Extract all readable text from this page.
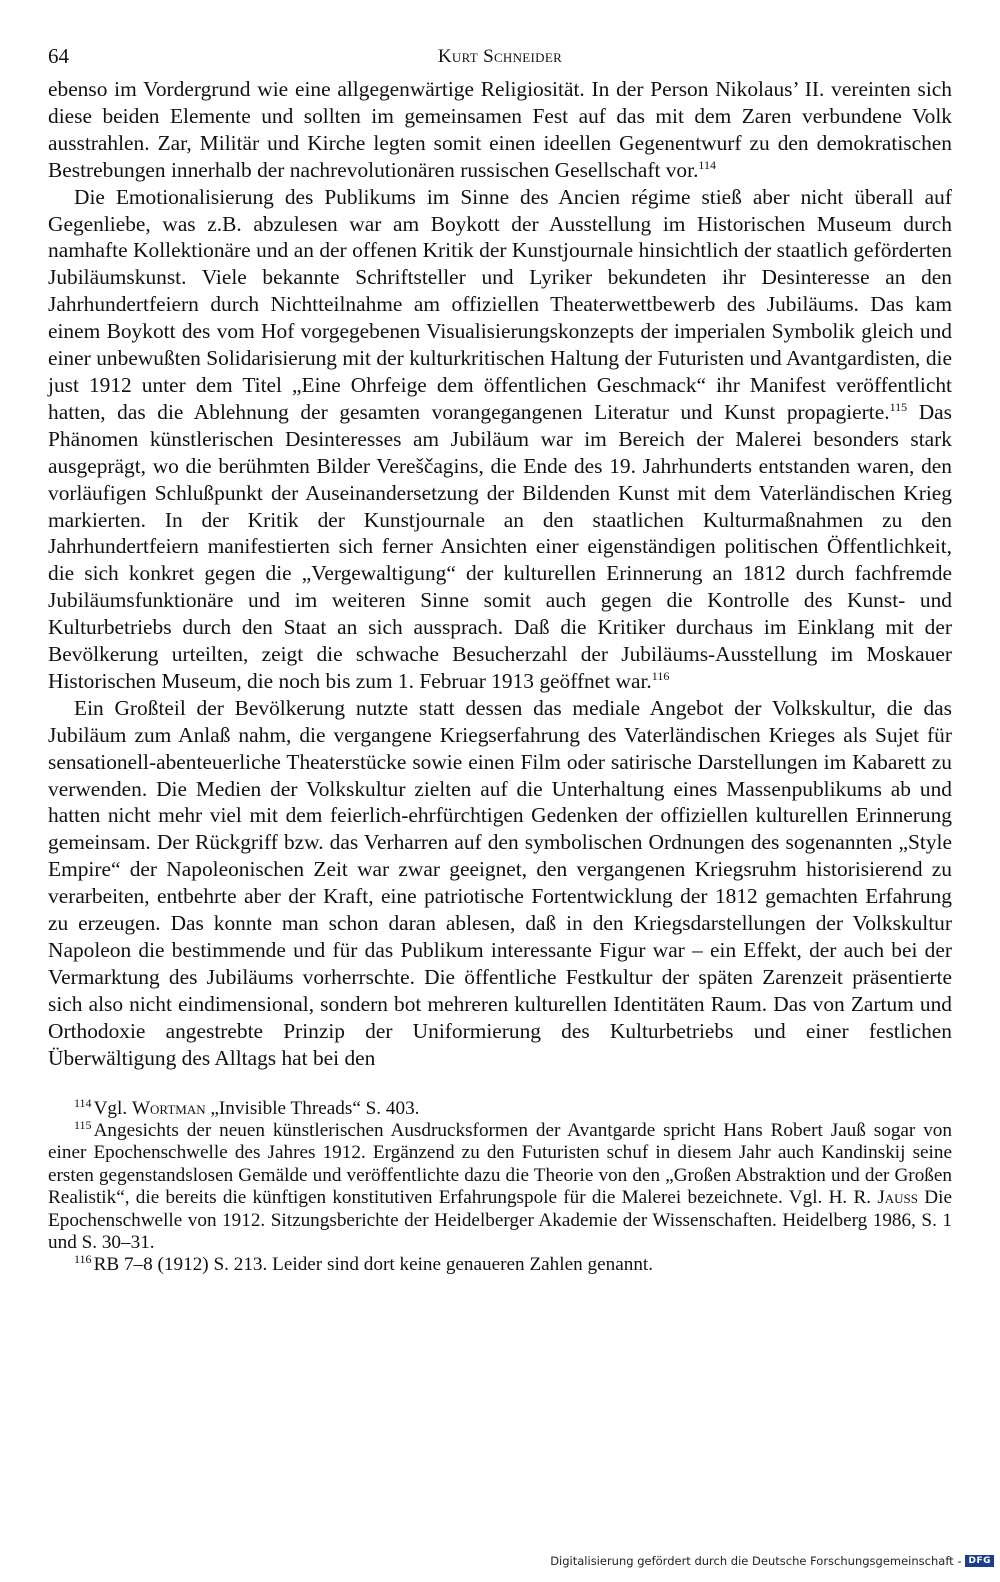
64	Kurt Schneider

ebenso im Vordergrund wie eine allgegenwärtige Religiosität. In der Person Nikolaus’ II. vereinten sich diese beiden Elemente und sollten im gemeinsamen Fest auf das mit dem Zaren verbundene Volk ausstrahlen. Zar, Militär und Kirche legten somit einen ideellen Gegenentwurf zu den demokratischen Bestrebungen innerhalb der nachrevolutionären russischen Gesellschaft vor.$^{114}$

Die Emotionalisierung des Publikums im Sinne des Ancien régime stieß aber nicht überall auf Gegenliebe, was z.B. abzulesen war am Boykott der Ausstellung im Historischen Museum durch namhafte Kollektionäre und an der offenen Kritik der Kunstjournale hinsichtlich der staatlich geförderten Jubiläumskunst. Viele bekannte Schriftsteller und Lyriker bekundeten ihr Desinteresse an den Jahrhundertfeiern durch Nichtteilnahme am offiziellen Theaterwettbewerb des Jubiläums. Das kam einem Boykott des vom Hof vorgegebenen Visualisierungskonzepts der imperialen Symbolik gleich und einer unbewußten Solidarisierung mit der kulturkritischen Haltung der Futuristen und Avantgardisten, die just 1912 unter dem Titel „Eine Ohrfeige dem öffentlichen Geschmack“ ihr Manifest veröffentlicht hatten, das die Ablehnung der gesamten vorangegangenen Literatur und Kunst propagierte.$^{115}$ Das Phänomen künstlerischen Desinteresses am Jubiläum war im Bereich der Malerei besonders stark ausgeprägt, wo die berühmten Bilder Vereščagins, die Ende des 19. Jahrhunderts entstanden waren, den vorläufigen Schlußpunkt der Auseinandersetzung der Bildenden Kunst mit dem Vaterländischen Krieg markierten. In der Kritik der Kunstjournale an den staatlichen Kulturmaßnahmen zu den Jahrhundertfeiern manifestierten sich ferner Ansichten einer eigenständigen politischen Öffentlichkeit, die sich konkret gegen die „Vergewaltigung“ der kulturellen Erinnerung an 1812 durch fachfremde Jubiläumsfunktionäre und im weiteren Sinne somit auch gegen die Kontrolle des Kunst- und Kulturbetriebs durch den Staat an sich aussprach. Daß die Kritiker durchaus im Einklang mit der Bevölkerung urteilten, zeigt die schwache Besucherzahl der Jubiläums-Ausstellung im Moskauer Historischen Museum, die noch bis zum 1. Februar 1913 geöffnet war.$^{116}$

Ein Großteil der Bevölkerung nutzte statt dessen das mediale Angebot der Volkskultur, die das Jubiläum zum Anlaß nahm, die vergangene Kriegserfahrung des Vaterländischen Krieges als Sujet für sensationell-abenteuerliche Theaterstücke sowie einen Film oder satirische Darstellungen im Kabarett zu verwenden. Die Medien der Volkskultur zielten auf die Unterhaltung eines Massenpublikums ab und hatten nicht mehr viel mit dem feierlich-ehrfürchtigen Gedenken der offiziellen kulturellen Erinnerung gemeinsam. Der Rückgriff bzw. das Verharren auf den symbolischen Ordnungen des sogenannten „Style Empire“ der Napoleonischen Zeit war zwar geeignet, den vergangenen Kriegsruhm historisierend zu verarbeiten, entbehrte aber der Kraft, eine patriotische Fortentwicklung der 1812 gemachten Erfahrung zu erzeugen. Das konnte man schon daran ablesen, daß in den Kriegsdarstellungen der Volkskultur Napoleon die bestimmende und für das Publikum interessante Figur war – ein Effekt, der auch bei der Vermarktung des Jubiläums vorherrschte. Die öffentliche Festkultur der späten Zarenzeit präsentierte sich also nicht eindimensional, sondern bot mehreren kulturellen Identitäten Raum. Das von Zartum und Orthodoxie angestrebte Prinzip der Uniformierung des Kulturbetriebs und einer festlichen Überwältigung des Alltags hat bei den

$^{114}$ Vgl. Wortman „Invisible Threads“ S. 403.

$^{115}$ Angesichts der neuen künstlerischen Ausdrucksformen der Avantgarde spricht Hans Robert Jauß sogar von einer Epochenschwelle des Jahres 1912. Ergänzend zu den Futuristen schuf in diesem Jahr auch Kandinskij seine ersten gegenstandslosen Gemälde und veröffentlichte dazu die Theorie von den „Großen Abstraktion und der Großen Realistik“, die bereits die künftigen konstitutiven Erfahrungspole für die Malerei bezeichnete. Vgl. H. R. Jauß Die Epochenschwelle von 1912. Sitzungsberichte der Heidelberger Akademie der Wissenschaften. Heidelberg 1986, S. 1 und S. 30–31.

$^{116}$ RB 7–8 (1912) S. 213. Leider sind dort keine genaueren Zahlen genannt.

Digitalisierung gefördert durch die Deutsche Forschungsgemeinschaft - DFG
